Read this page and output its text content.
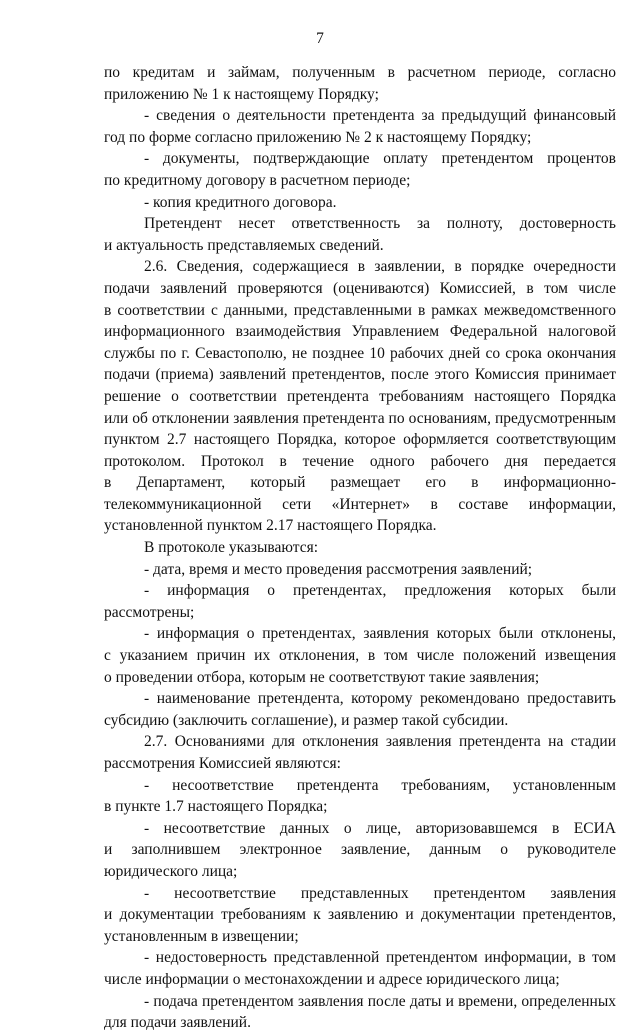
7
по кредитам и займам, полученным в расчетном периоде, согласно
приложению № 1 к настоящему Порядку;
- сведения о деятельности претендента за предыдущий финансовый
год по форме согласно приложению № 2 к настоящему Порядку;
- документы, подтверждающие оплату претендентом процентов
по кредитному договору в расчетном периоде;
- копия кредитного договора.
Претендент несет ответственность за полноту, достоверность
и актуальность представляемых сведений.
2.6. Сведения, содержащиеся в заявлении, в порядке очередности
подачи заявлений проверяются (оцениваются) Комиссией, в том числе
в соответствии с данными, представленными в рамках межведомственного
информационного взаимодействия Управлением Федеральной налоговой
службы по г. Севастополю, не позднее 10 рабочих дней со срока окончания
подачи (приема) заявлений претендентов, после этого Комиссия принимает
решение о соответствии претендента требованиям настоящего Порядка
или об отклонении заявления претендента по основаниям, предусмотренным
пунктом 2.7 настоящего Порядка, которое оформляется соответствующим
протоколом. Протокол в течение одного рабочего дня передается
в Департамент, который размещает его в информационно-
телекоммуникационной сети «Интернет» в составе информации,
установленной пунктом 2.17 настоящего Порядка.
В протоколе указываются:
- дата, время и место проведения рассмотрения заявлений;
- информация о претендентах, предложения которых были
рассмотрены;
- информация о претендентах, заявления которых были отклонены,
с указанием причин их отклонения, в том числе положений извещения
о проведении отбора, которым не соответствуют такие заявления;
- наименование претендента, которому рекомендовано предоставить
субсидию (заключить соглашение), и размер такой субсидии.
2.7. Основаниями для отклонения заявления претендента на стадии
рассмотрения Комиссией являются:
- несоответствие претендента требованиям, установленным
в пункте 1.7 настоящего Порядка;
- несоответствие данных о лице, авторизовавшемся в ЕСИА
и заполнившем электронное заявление, данным о руководителе
юридического лица;
- несоответствие представленных претендентом заявления
и документации требованиям к заявлению и документации претендентов,
установленным в извещении;
- недостоверность представленной претендентом информации, в том
числе информации о местонахождении и адресе юридического лица;
- подача претендентом заявления после даты и времени, определенных
для подачи заявлений.
